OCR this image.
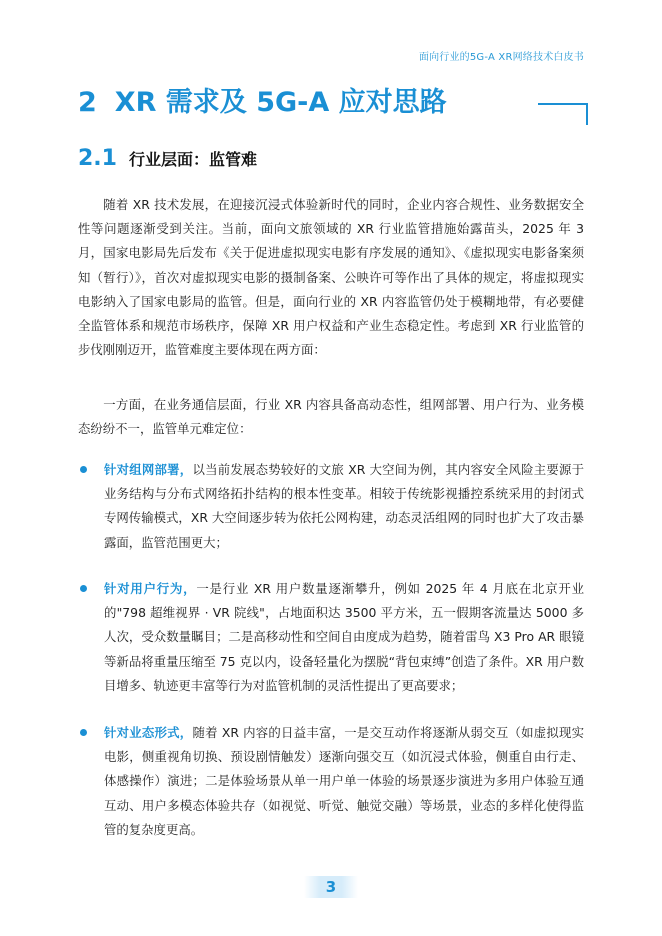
面向行业的5G-A XR网络技术白皮书
2 XR 需求及 5G-A 应对思路
2.1 行业层面：监管难

随着 XR 技术发展，在迎接沉浸式体验新时代的同时，企业内容合规性、业务数据安全性等问题逐渐受到关注。当前，面向文旅领域的 XR 行业监管措施始露苗头，2025 年 3 月，国家电影局先后发布《关于促进虚拟现实电影有序发展的通知》、《虚拟现实电影备案须知（暂行）》，首次对虚拟现实电影的摄制备案、公映许可等作出了具体的规定，将虚拟现实电影纳入了国家电影局的监管。但是，面向行业的 XR 内容监管仍处于模糊地带，有必要健全监管体系和规范市场秩序，保障 XR 用户权益和产业生态稳定性。考虑到 XR 行业监管的步伐刚刚迈开，监管难度主要体现在两方面：

一方面，在业务通信层面，行业 XR 内容具备高动态性，组网部署、用户行为、业务模态纷纷不一，监管单元难定位：

针对组网部署，以当前发展态势较好的文旅 XR 大空间为例，其内容安全风险主要源于业务结构与分布式网络拓扑结构的根本性变革。相较于传统影视播控系统采用的封闭式专网传输模式，XR 大空间逐步转为依托公网构建，动态灵活组网的同时也扩大了攻击暴露面，监管范围更大；

针对用户行为，一是行业 XR 用户数量逐渐攀升，例如 2025 年 4 月底在北京开业的"798 超维视界 · VR 院线"，占地面积达 3500 平方米，五一假期客流量达 5000 多人次，受众数量瞩目；二是高移动性和空间自由度成为趋势，随着雷鸟 X3 Pro AR 眼镜等新品将重量压缩至 75 克以内，设备轻量化为摆脱“背包束缚”创造了条件。XR 用户数目增多、轨迹更丰富等行为对监管机制的灵活性提出了更高要求；

针对业态形式，随着 XR 内容的日益丰富，一是交互动作将逐渐从弱交互（如虚拟现实电影，侧重视角切换、预设剧情触发）逐渐向强交互（如沉浸式体验，侧重自由行走、体感操作）演进；二是体验场景从单一用户单一体验的场景逐步演进为多用户体验互通互动、用户多模态体验共存（如视觉、听觉、触觉交融）等场景，业态的多样化使得监管的复杂度更高。

3
